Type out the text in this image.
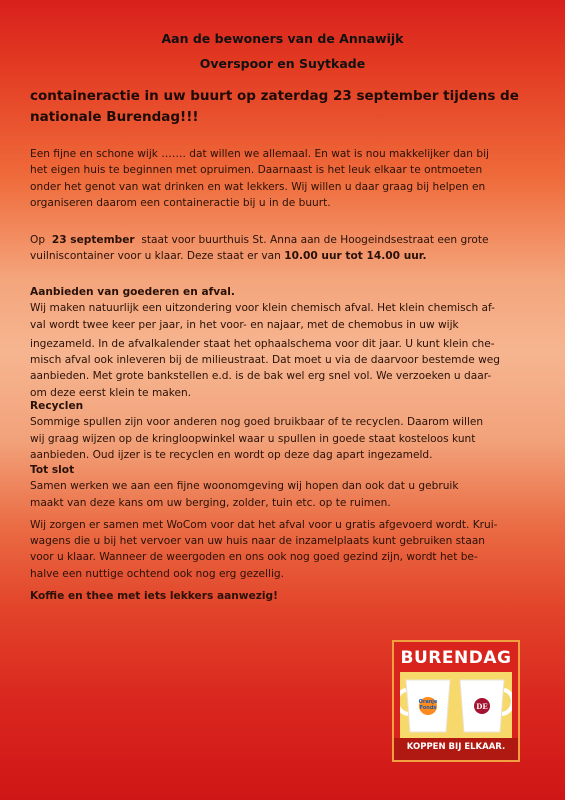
Aan de bewoners van de Annawijk
Overspoor en Suytkade
containeractie in uw buurt op zaterdag 23 september tijdens de
nationale Burendag!!!
Een fijne en schone wijk ……. dat willen we allemaal. En wat is nou makkelijker dan bij
het eigen huis te beginnen met opruimen. Daarnaast is het leuk elkaar te ontmoeten
onder het genot van wat drinken en wat lekkers. Wij willen u daar graag bij helpen en
organiseren daarom een containeractie bij u in de buurt.
Op 23 september staat voor buurthuis St. Anna aan de Hoogeindsestraat een grote
vuilniscontainer voor u klaar. Deze staat er van 10.00 uur tot 14.00 uur.
Aanbieden van goederen en afval.
Wij maken natuurlijk een uitzondering voor klein chemisch afval. Het klein chemisch af-
val wordt twee keer per jaar, in het voor- en najaar, met de chemobus in uw wijk
ingezameld. In de afvalkalender staat het ophaalschema voor dit jaar. U kunt klein che-
misch afval ook inleveren bij de milieustraat. Dat moet u via de daarvoor bestemde weg
aanbieden. Met grote bankstellen e.d. is de bak wel erg snel vol. We verzoeken u daar-
om deze eerst klein te maken.
Recyclen
Sommige spullen zijn voor anderen nog goed bruikbaar of te recyclen. Daarom willen
wij graag wijzen op de kringloopwinkel waar u spullen in goede staat kosteloos kunt
aanbieden. Oud ijzer is te recyclen en wordt op deze dag apart ingezameld.
Tot slot
Samen werken we aan een fijne woonomgeving wij hopen dan ook dat u gebruik
maakt van deze kans om uw berging, zolder, tuin etc. op te ruimen.
Wij zorgen er samen met WoCom voor dat het afval voor u gratis afgevoerd wordt. Krui-
wagens die u bij het vervoer van uw huis naar de inzamelplaats kunt gebruiken staan
voor u klaar. Wanneer de weergoden en ons ook nog goed gezind zijn, wordt het be-
halve een nuttige ochtend ook nog erg gezellig.
Koffie en thee met iets lekkers aanwezig!
BURENDAG
Oranje
Fonds	DE
KOPPEN BIJ ELKAAR.
